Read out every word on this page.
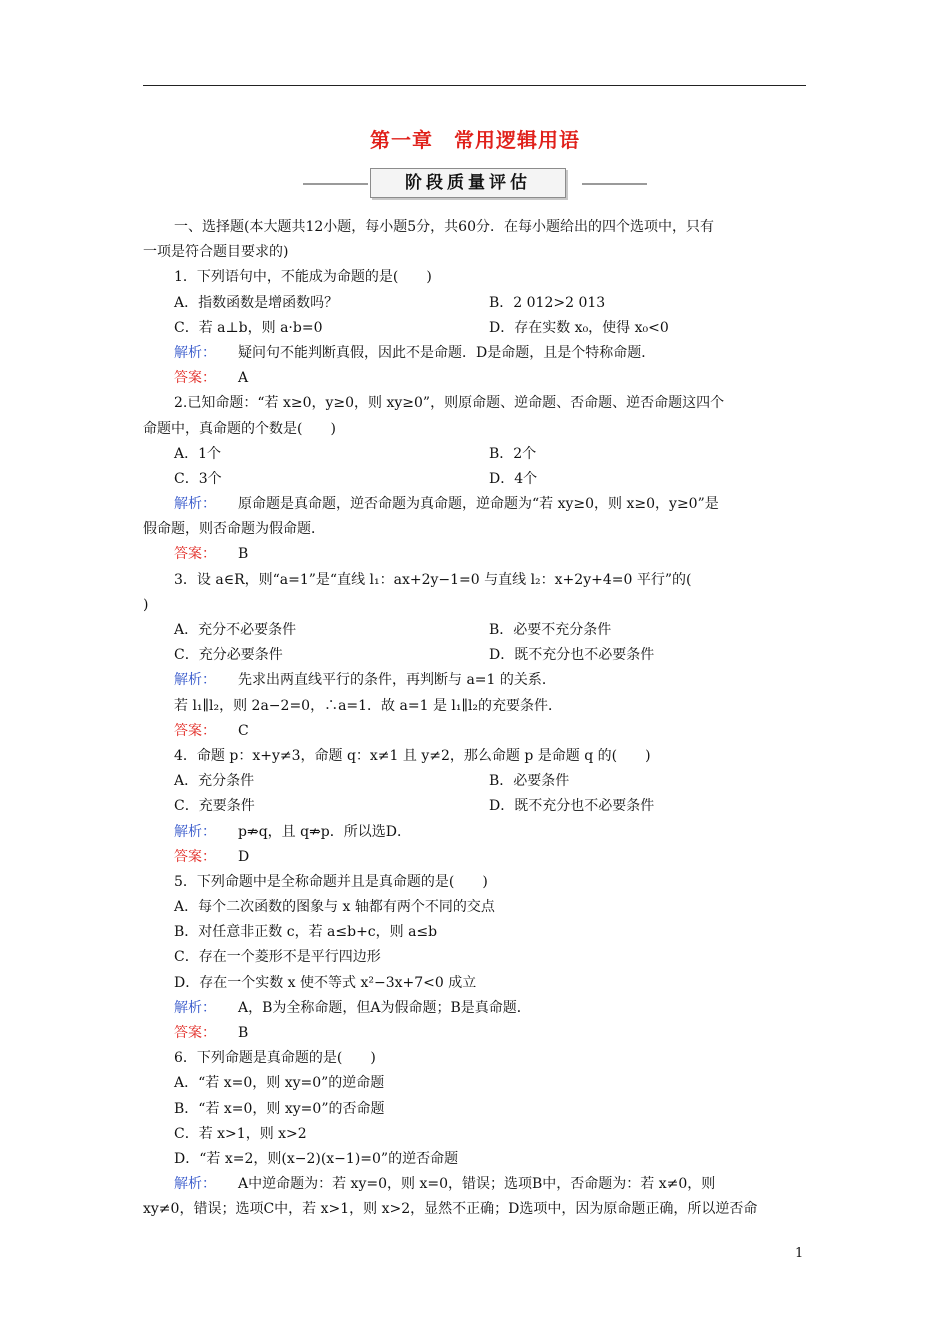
第一章　常用逻辑用语
阶段质量评估
一、选择题(本大题共12小题，每小题5分，共60分．在每小题给出的四个选项中，只有
一项是符合题目要求的)
1．下列语句中，不能成为命题的是(　　)
A．指数函数是增函数吗？	B．2 012>2 013
C．若 a⊥b，则 a·b=0	D．存在实数 x₀，使得 x₀<0
解析： 疑问句不能判断真假，因此不是命题．D是命题，且是个特称命题．
答案： A
2.已知命题：“若 x≥0，y≥0，则 xy≥0”，则原命题、逆命题、否命题、逆否命题这四个
命题中，真命题的个数是(　　)
A．1个	B．2个
C．3个	D．4个
解析： 原命题是真命题，逆否命题为真命题，逆命题为“若 xy≥0，则 x≥0，y≥0”是
假命题，则否命题为假命题．
答案： B
3．设 a∈R，则“a=1”是“直线 l₁：ax+2y−1=0 与直线 l₂：x+2y+4=0 平行”的(
)
A．充分不必要条件	B．必要不充分条件
C．充分必要条件	D．既不充分也不必要条件
解析： 先求出两直线平行的条件，再判断与 a=1 的关系．
若 l₁∥l₂，则 2a−2=0，∴a=1．故 a=1 是 l₁∥l₂的充要条件．
答案： C
4．命题 p：x+y≠3，命题 q：x≠1 且 y≠2，那么命题 p 是命题 q 的(　　)
A．充分条件	B．必要条件
C．充要条件	D．既不充分也不必要条件
解析： p⇏q，且 q⇏p．所以选D．
答案： D
5．下列命题中是全称命题并且是真命题的是(　　)
A．每个二次函数的图象与 x 轴都有两个不同的交点
B．对任意非正数 c，若 a≤b+c，则 a≤b
C．存在一个菱形不是平行四边形
D．存在一个实数 x 使不等式 x²−3x+7<0 成立
解析： A，B为全称命题，但A为假命题；B是真命题．
答案： B
6．下列命题是真命题的是(　　)
A．“若 x=0，则 xy=0”的逆命题
B．“若 x=0，则 xy=0”的否命题
C．若 x>1，则 x>2
D．“若 x=2，则(x−2)(x−1)=0”的逆否命题
解析： A中逆命题为：若 xy=0，则 x=0，错误；选项B中，否命题为：若 x≠0，则
xy≠0，错误；选项C中，若 x>1，则 x>2，显然不正确；D选项中，因为原命题正确，所以逆否命
1
